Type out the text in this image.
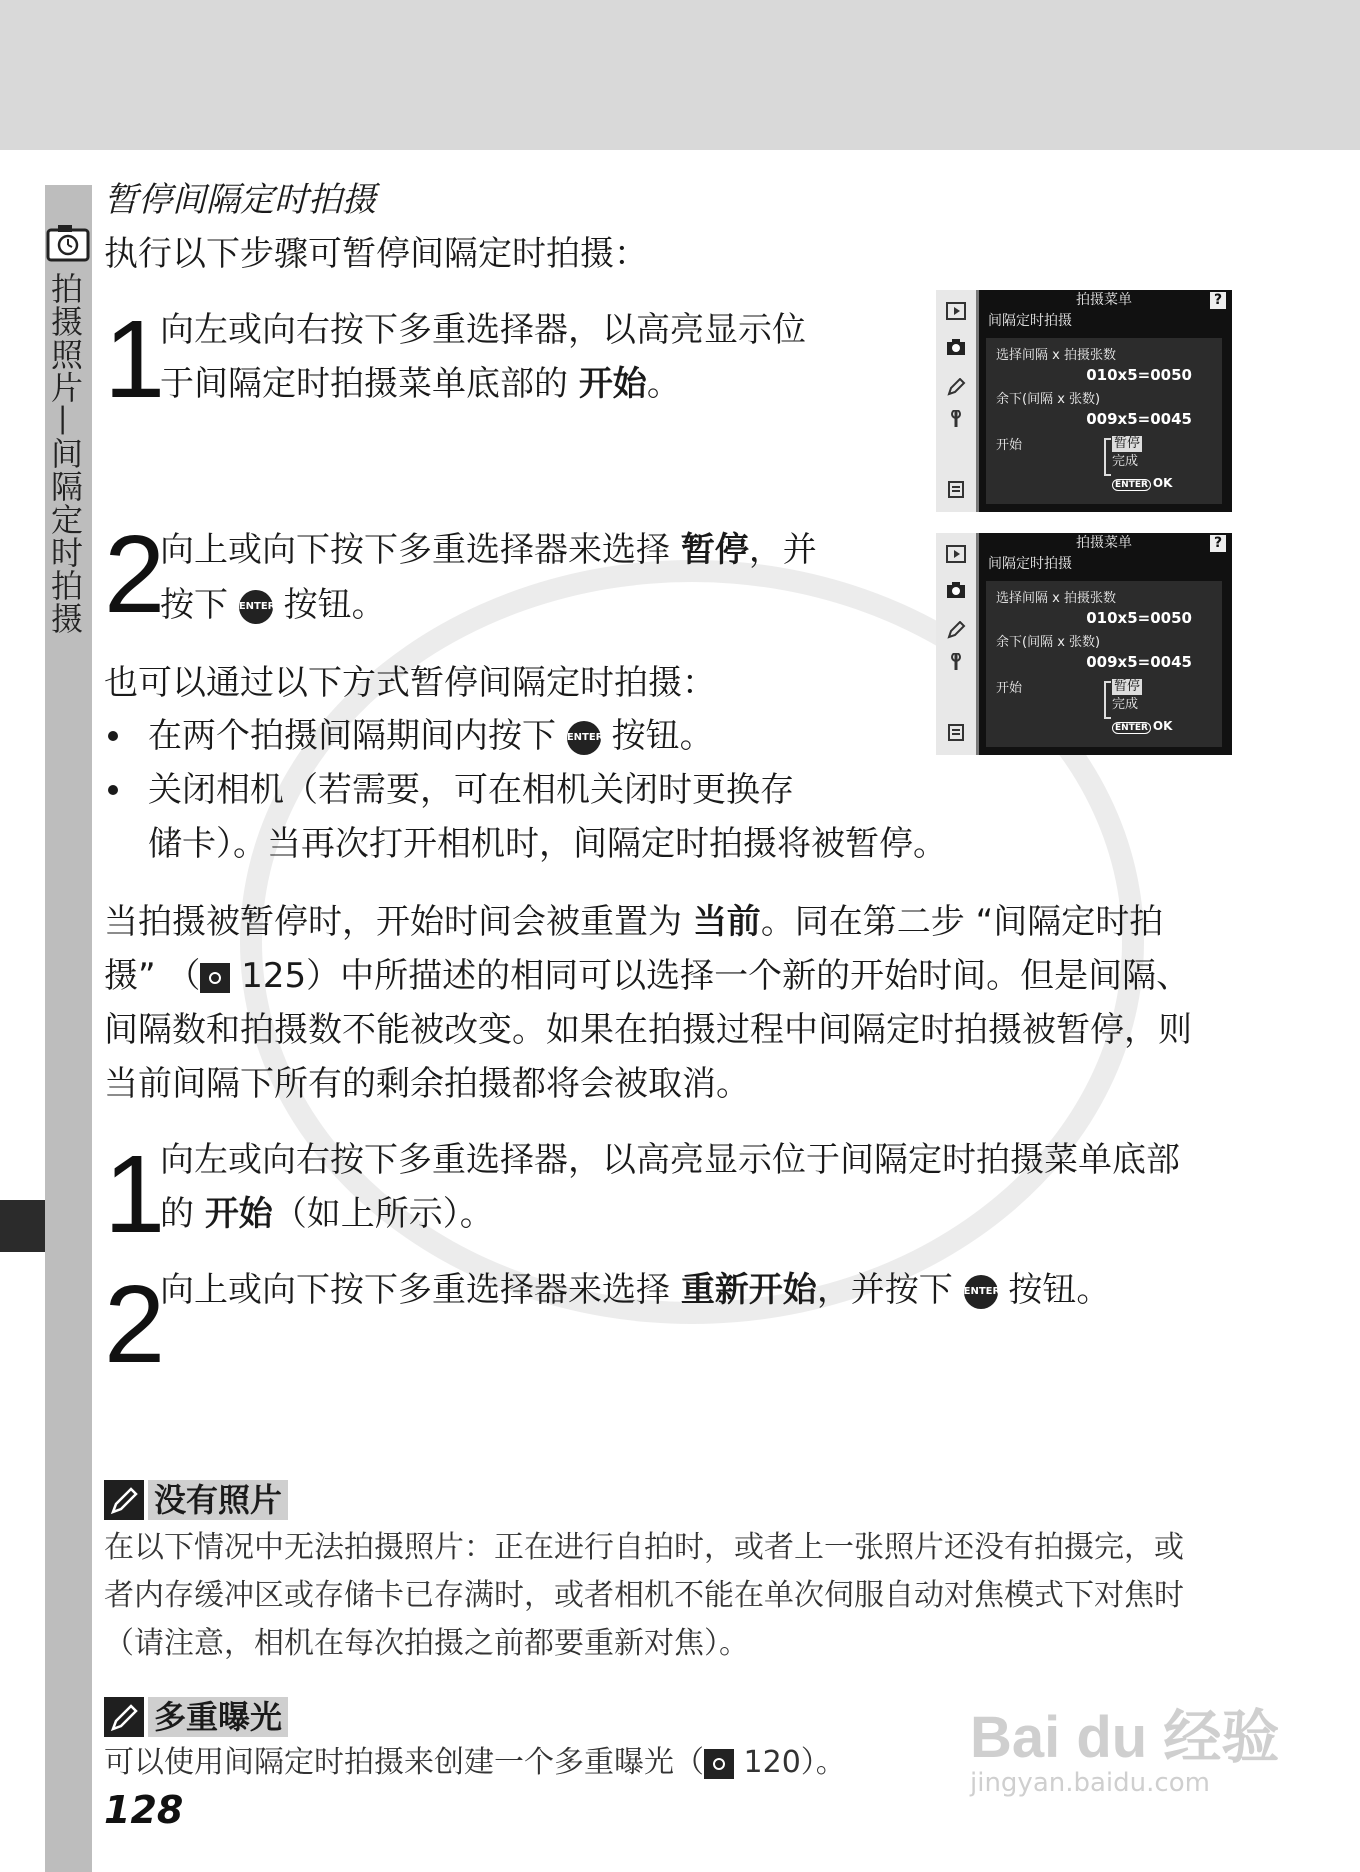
拍摄照片—间隔定时拍摄
暂停间隔定时拍摄
执行以下步骤可暂停间隔定时拍摄：
1
向左或向右按下多重选择器，以高亮显示位
于间隔定时拍摄菜单底部的 开始。
2
向上或向下按下多重选择器来选择 暂停，并
按下 ENTER 按钮。
拍摄菜单	?
间隔定时拍摄
选择间隔 x 拍摄张数
010x5=0050
余下(间隔 x 张数)
009x5=0045
开始	暂停
完成
ENTER OK
拍摄菜单	?
间隔定时拍摄
选择间隔 x 拍摄张数
010x5=0050
余下(间隔 x 张数)
009x5=0045
开始	暂停
完成
ENTER OK
也可以通过以下方式暂停间隔定时拍摄：
在两个拍摄间隔期间内按下 ENTER 按钮。
关闭相机（若需要，可在相机关闭时更换存
储卡）。当再次打开相机时，间隔定时拍摄将被暂停。
当拍摄被暂停时，开始时间会被重置为 当前。同在第二步 “间隔定时拍
摄” （ 125）中所描述的相同可以选择一个新的开始时间。但是间隔、
间隔数和拍摄数不能被改变。如果在拍摄过程中间隔定时拍摄被暂停，则
当前间隔下所有的剩余拍摄都将会被取消。
1
向左或向右按下多重选择器，以高亮显示位于间隔定时拍摄菜单底部
的 开始（如上所示）。
2
向上或向下按下多重选择器来选择 重新开始，并按下 ENTER 按钮。
没有照片
在以下情况中无法拍摄照片：正在进行自拍时，或者上一张照片还没有拍摄完，或
者内存缓冲区或存储卡已存满时，或者相机不能在单次伺服自动对焦模式下对焦时
（请注意，相机在每次拍摄之前都要重新对焦）。
多重曝光
可以使用间隔定时拍摄来创建一个多重曝光（ 120）。
128
Bai du 经验
jingyan.baidu.com
